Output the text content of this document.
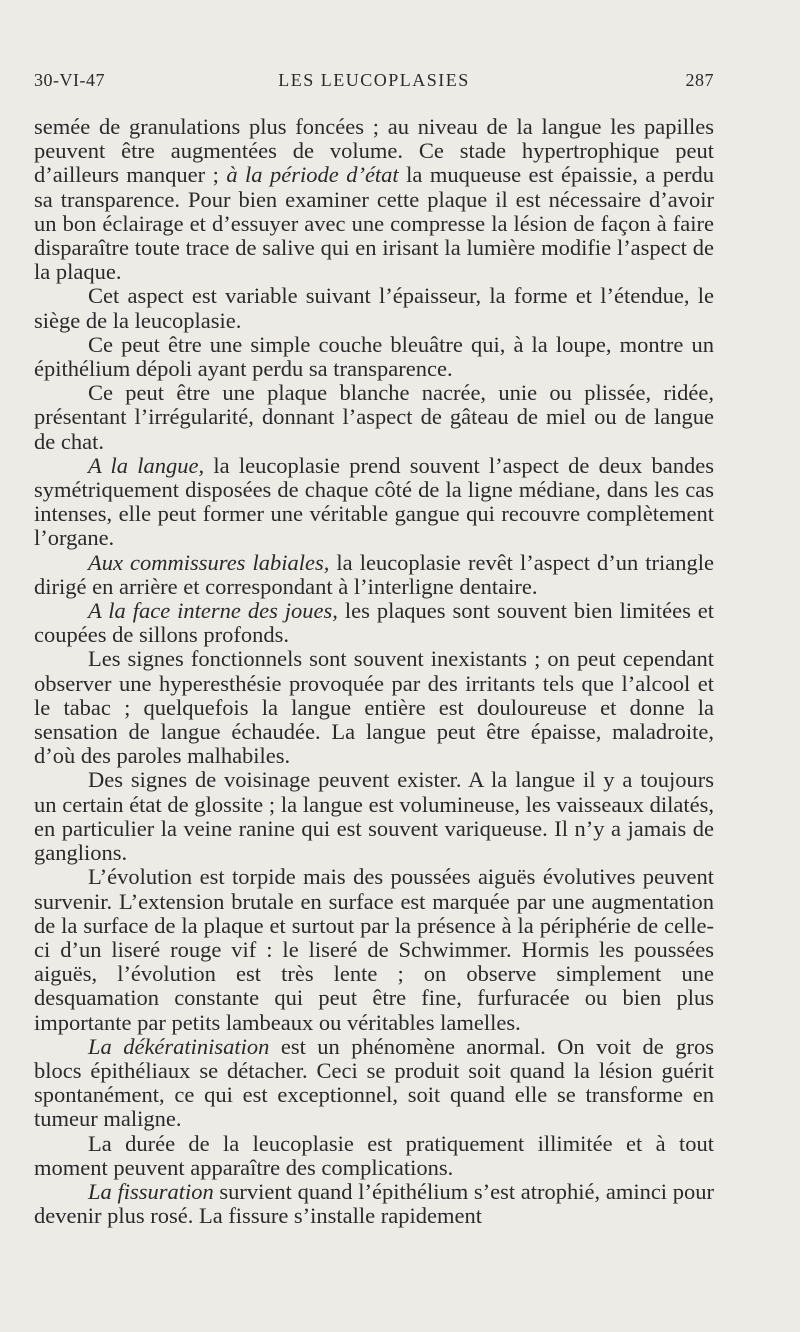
30-VI-47	LES LEUCOPLASIES	287

semée de granulations plus foncées ; au niveau de la langue les papilles peuvent être augmentées de volume. Ce stade hypertrophique peut d’ailleurs manquer ; à la période d’état la muqueuse est épaissie, a perdu sa transparence. Pour bien examiner cette plaque il est nécessaire d’avoir un bon éclairage et d’essuyer avec une compresse la lésion de façon à faire disparaître toute trace de salive qui en irisant la lumière modifie l’aspect de la plaque.

Cet aspect est variable suivant l’épaisseur, la forme et l’étendue, le siège de la leucoplasie.

Ce peut être une simple couche bleuâtre qui, à la loupe, montre un épithélium dépoli ayant perdu sa transparence.

Ce peut être une plaque blanche nacrée, unie ou plissée, ridée, présentant l’irrégularité, donnant l’aspect de gâteau de miel ou de langue de chat.

A la langue, la leucoplasie prend souvent l’aspect de deux bandes symétriquement disposées de chaque côté de la ligne médiane, dans les cas intenses, elle peut former une véritable gangue qui recouvre complètement l’organe.

Aux commissures labiales, la leucoplasie revêt l’aspect d’un triangle dirigé en arrière et correspondant à l’interligne dentaire.

A la face interne des joues, les plaques sont souvent bien limitées et coupées de sillons profonds.

Les signes fonctionnels sont souvent inexistants ; on peut cependant observer une hyperesthésie provoquée par des irritants tels que l’alcool et le tabac ; quelquefois la langue entière est douloureuse et donne la sensation de langue échaudée. La langue peut être épaisse, maladroite, d’où des paroles malhabiles.

Des signes de voisinage peuvent exister. A la langue il y a toujours un certain état de glossite ; la langue est volumineuse, les vaisseaux dilatés, en particulier la veine ranine qui est souvent variqueuse. Il n’y a jamais de ganglions.

L’évolution est torpide mais des poussées aiguës évolutives peuvent survenir. L’extension brutale en surface est marquée par une augmentation de la surface de la plaque et surtout par la présence à la périphérie de celle-ci d’un liseré rouge vif : le liseré de Schwimmer. Hormis les poussées aiguës, l’évolution est très lente ; on observe simplement une desquamation constante qui peut être fine, furfuracée ou bien plus importante par petits lambeaux ou véritables lamelles.

La dékératinisation est un phénomène anormal. On voit de gros blocs épithéliaux se détacher. Ceci se produit soit quand la lésion guérit spontanément, ce qui est exceptionnel, soit quand elle se transforme en tumeur maligne.

La durée de la leucoplasie est pratiquement illimitée et à tout moment peuvent apparaître des complications.

La fissuration survient quand l’épithélium s’est atrophié, aminci pour devenir plus rosé. La fissure s’installe rapidement
